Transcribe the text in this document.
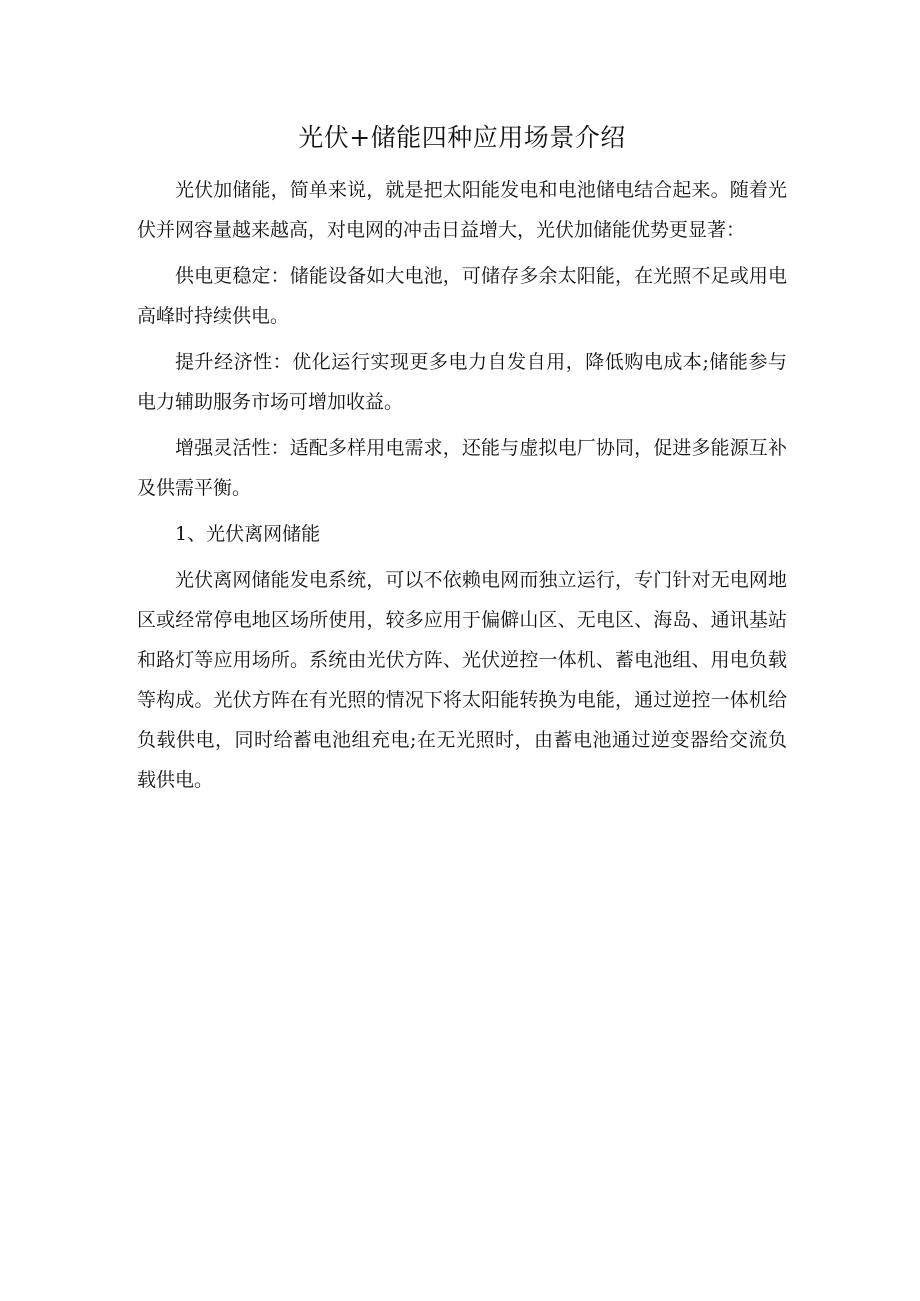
光伏+储能四种应用场景介绍

光伏加储能，简单来说，就是把太阳能发电和电池储电结合起来。随着光伏并网容量越来越高，对电网的冲击日益增大，光伏加储能优势更显著：

供电更稳定：储能设备如大电池，可储存多余太阳能，在光照不足或用电高峰时持续供电。

提升经济性：优化运行实现更多电力自发自用，降低购电成本;储能参与电力辅助服务市场可增加收益。

增强灵活性：适配多样用电需求，还能与虚拟电厂协同，促进多能源互补及供需平衡。

1、光伏离网储能

光伏离网储能发电系统，可以不依赖电网而独立运行，专门针对无电网地区或经常停电地区场所使用，较多应用于偏僻山区、无电区、海岛、通讯基站和路灯等应用场所。系统由光伏方阵、光伏逆控一体机、蓄电池组、用电负载等构成。光伏方阵在有光照的情况下将太阳能转换为电能，通过逆控一体机给负载供电，同时给蓄电池组充电;在无光照时，由蓄电池通过逆变器给交流负载供电。
